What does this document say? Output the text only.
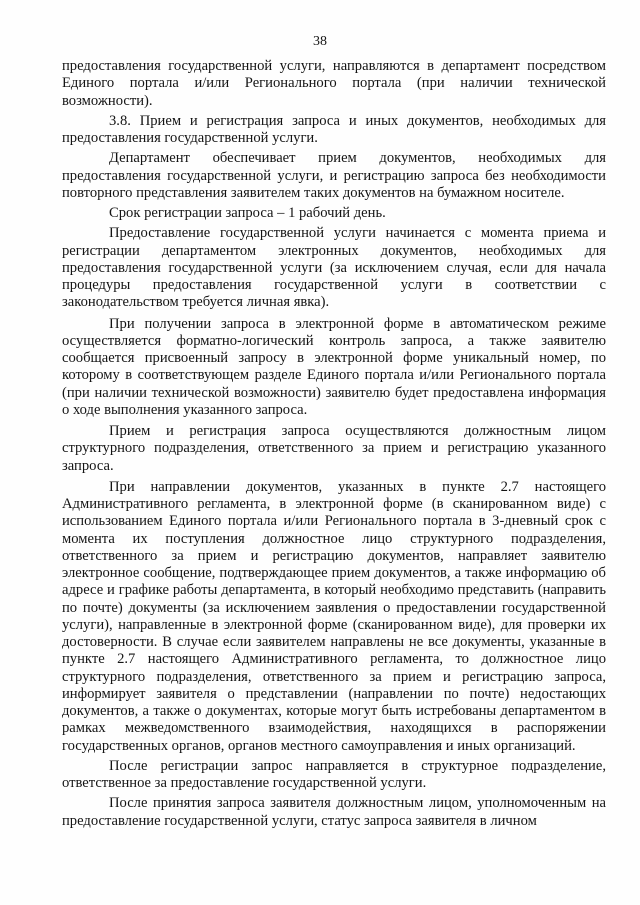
38

предоставления государственной услуги, направляются в департамент посредством Единого портала и/или Регионального портала (при наличии технической возможности).

3.8. Прием и регистрация запроса и иных документов, необходимых для предоставления государственной услуги.

Департамент обеспечивает прием документов, необходимых для предоставления государственной услуги, и регистрацию запроса без необходимости повторного представления заявителем таких документов на бумажном носителе.

Срок регистрации запроса – 1 рабочий день.

Предоставление государственной услуги начинается с момента приема и регистрации департаментом электронных документов, необходимых для предоставления государственной услуги (за исключением случая, если для начала процедуры предоставления государственной услуги в соответствии с законодательством требуется личная явка).

При получении запроса в электронной форме в автоматическом режиме осуществляется форматно-логический контроль запроса, а также заявителю сообщается присвоенный запросу в электронной форме уникальный номер, по которому в соответствующем разделе Единого портала и/или Регионального портала (при наличии технической возможности) заявителю будет предоставлена информация о ходе выполнения указанного запроса.

Прием и регистрация запроса осуществляются должностным лицом структурного подразделения, ответственного за прием и регистрацию указанного запроса.

При направлении документов, указанных в пункте 2.7 настоящего Административного регламента, в электронной форме (в сканированном виде) с использованием Единого портала и/или Регионального портала в 3-дневный срок с момента их поступления должностное лицо структурного подразделения, ответственного за прием и регистрацию документов, направляет заявителю электронное сообщение, подтверждающее прием документов, а также информацию об адресе и графике работы департамента, в который необходимо представить (направить по почте) документы (за исключением заявления о предоставлении государственной услуги), направленные в электронной форме (сканированном виде), для проверки их достоверности. В случае если заявителем направлены не все документы, указанные в пункте 2.7 настоящего Административного регламента, то должностное лицо структурного подразделения, ответственного за прием и регистрацию запроса, информирует заявителя о представлении (направлении по почте) недостающих документов, а также о документах, которые могут быть истребованы департаментом в рамках межведомственного взаимодействия, находящихся в распоряжении государственных органов, органов местного самоуправления и иных организаций.

После регистрации запрос направляется в структурное подразделение, ответственное за предоставление государственной услуги.

После принятия запроса заявителя должностным лицом, уполномоченным на предоставление государственной услуги, статус запроса заявителя в личном
